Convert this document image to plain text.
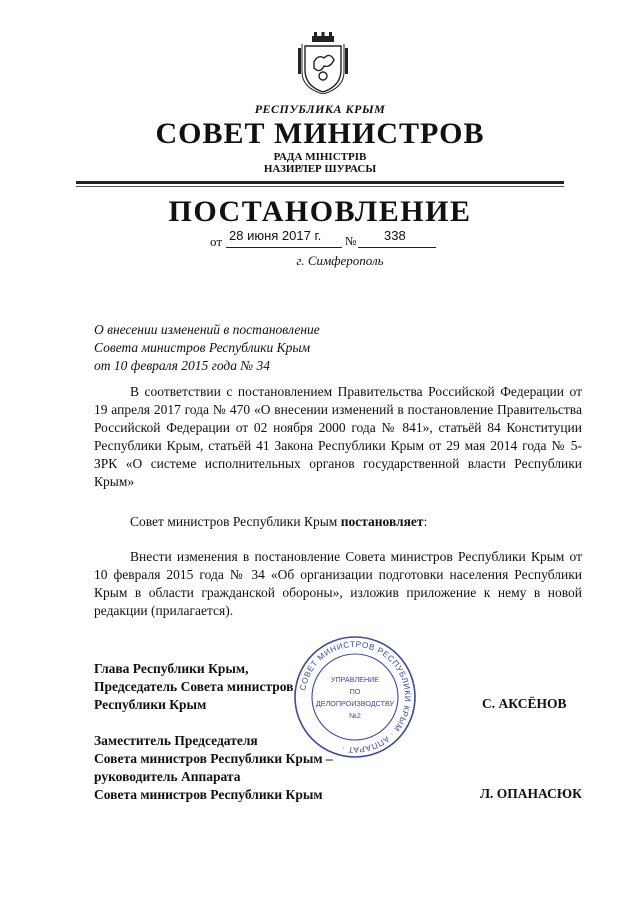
РЕСПУБЛИКА КРЫМ
СОВЕТ МИНИСТРОВ
РАДА МІНІСТРІВ
НАЗИРЛЕР ШУРАСЫ
ПОСТАНОВЛЕНИЕ
от 28 июня 2017 г. № 338
г. Симферополь
О внесении изменений в постановление
Совета министров Республики Крым
от 10 февраля 2015 года № 34
В соответствии с постановлением Правительства Российской Федерации от 19 апреля 2017 года № 470 «О внесении изменений в постановление Правительства Российской Федерации от 02 ноября 2000 года № 841», статьёй 84 Конституции Республики Крым, статьёй 41 Закона Республики Крым от 29 мая 2014 года № 5-ЗРК «О системе исполнительных органов государственной власти Республики Крым»
Совет министров Республики Крым постановляет:
Внести изменения в постановление Совета министров Республики Крым от 10 февраля 2015 года № 34 «Об организации подготовки населения Республики Крым в области гражданской обороны», изложив приложение к нему в новой редакции (прилагается).
Глава Республики Крым,
Председатель Совета министров
Республики Крым	С. АКСЁНОВ
Заместитель Председателя
Совета министров Республики Крым –
руководитель Аппарата
Совета министров Республики Крым	Л. ОПАНАСЮК
СОВЕТ МИНИСТРОВ РЕСПУБЛИКИ КРЫМ · АППАРАТ ·
УПРАВЛЕНИЕ
ПО
ДЕЛОПРОИЗВОДСТВУ
№2
